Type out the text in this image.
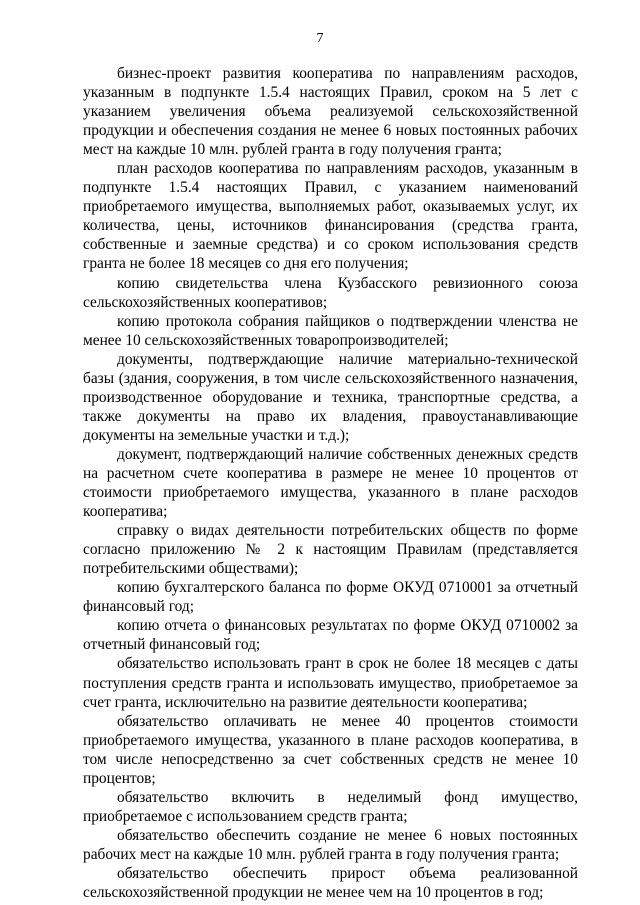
7

бизнес-проект развития кооператива по направлениям расходов, указанным в подпункте 1.5.4 настоящих Правил, сроком на 5 лет с указанием увеличения объема реализуемой сельскохозяйственной продукции и обеспечения создания не менее 6 новых постоянных рабочих мест на каждые 10 млн. рублей гранта в году получения гранта;

план расходов кооператива по направлениям расходов, указанным в подпункте 1.5.4 настоящих Правил, с указанием наименований приобретаемого имущества, выполняемых работ, оказываемых услуг, их количества, цены, источников финансирования (средства гранта, собственные и заемные средства) и со сроком использования средств гранта не более 18 месяцев со дня его получения;

копию свидетельства члена Кузбасского ревизионного союза сельскохозяйственных кооперативов;

копию протокола собрания пайщиков о подтверждении членства не менее 10 сельскохозяйственных товаропроизводителей;

документы, подтверждающие наличие материально-технической базы (здания, сооружения, в том числе сельскохозяйственного назначения, производственное оборудование и техника, транспортные средства, а также документы на право их владения, правоустанавливающие документы на земельные участки и т.д.);

документ, подтверждающий наличие собственных денежных средств на расчетном счете кооператива в размере не менее 10 процентов от стоимости приобретаемого имущества, указанного в плане расходов кооператива;

справку о видах деятельности потребительских обществ по форме согласно приложению № 2 к настоящим Правилам (представляется потребительскими обществами);

копию бухгалтерского баланса по форме ОКУД 0710001 за отчетный финансовый год;

копию отчета о финансовых результатах по форме ОКУД 0710002 за отчетный финансовый год;

обязательство использовать грант в срок не более 18 месяцев с даты поступления средств гранта и использовать имущество, приобретаемое за счет гранта, исключительно на развитие деятельности кооператива;

обязательство оплачивать не менее 40 процентов стоимости приобретаемого имущества, указанного в плане расходов кооператива, в том числе непосредственно за счет собственных средств не менее 10 процентов;

обязательство включить в неделимый фонд имущество, приобретаемое с использованием средств гранта;

обязательство обеспечить создание не менее 6 новых постоянных рабочих мест на каждые 10 млн. рублей гранта в году получения гранта;

обязательство обеспечить прирост объема реализованной сельскохозяйственной продукции не менее чем на 10 процентов в год;
